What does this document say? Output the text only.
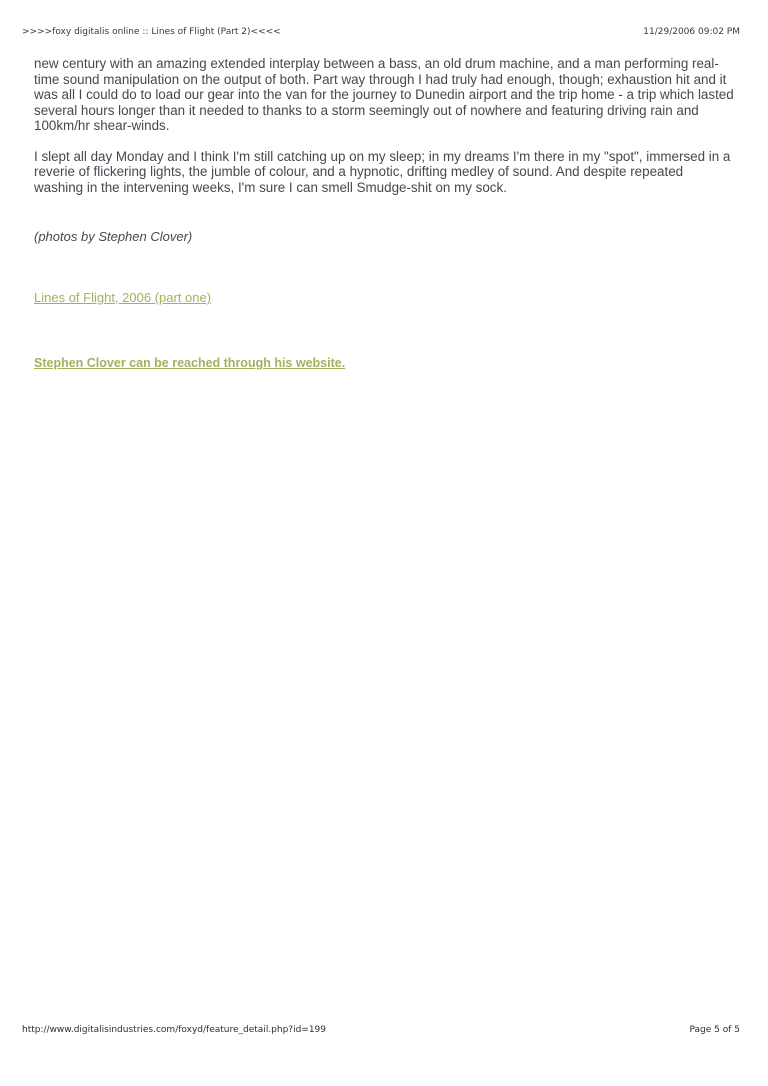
>>>>foxy digitalis online :: Lines of Flight (Part 2)<<<<	11/29/2006 09:02 PM

new century with an amazing extended interplay between a bass, an old drum machine, and a man performing real-time sound manipulation on the output of both. Part way through I had truly had enough, though; exhaustion hit and it was all I could do to load our gear into the van for the journey to Dunedin airport and the trip home - a trip which lasted several hours longer than it needed to thanks to a storm seemingly out of nowhere and featuring driving rain and 100km/hr shear-winds.

I slept all day Monday and I think I'm still catching up on my sleep; in my dreams I'm there in my "spot", immersed in a reverie of flickering lights, the jumble of colour, and a hypnotic, drifting medley of sound. And despite repeated washing in the intervening weeks, I'm sure I can smell Smudge-shit on my sock.

(photos by Stephen Clover)
Lines of Flight, 2006 (part one)
Stephen Clover can be reached through his website.
http://www.digitalisindustries.com/foxyd/feature_detail.php?id=199	Page 5 of 5
